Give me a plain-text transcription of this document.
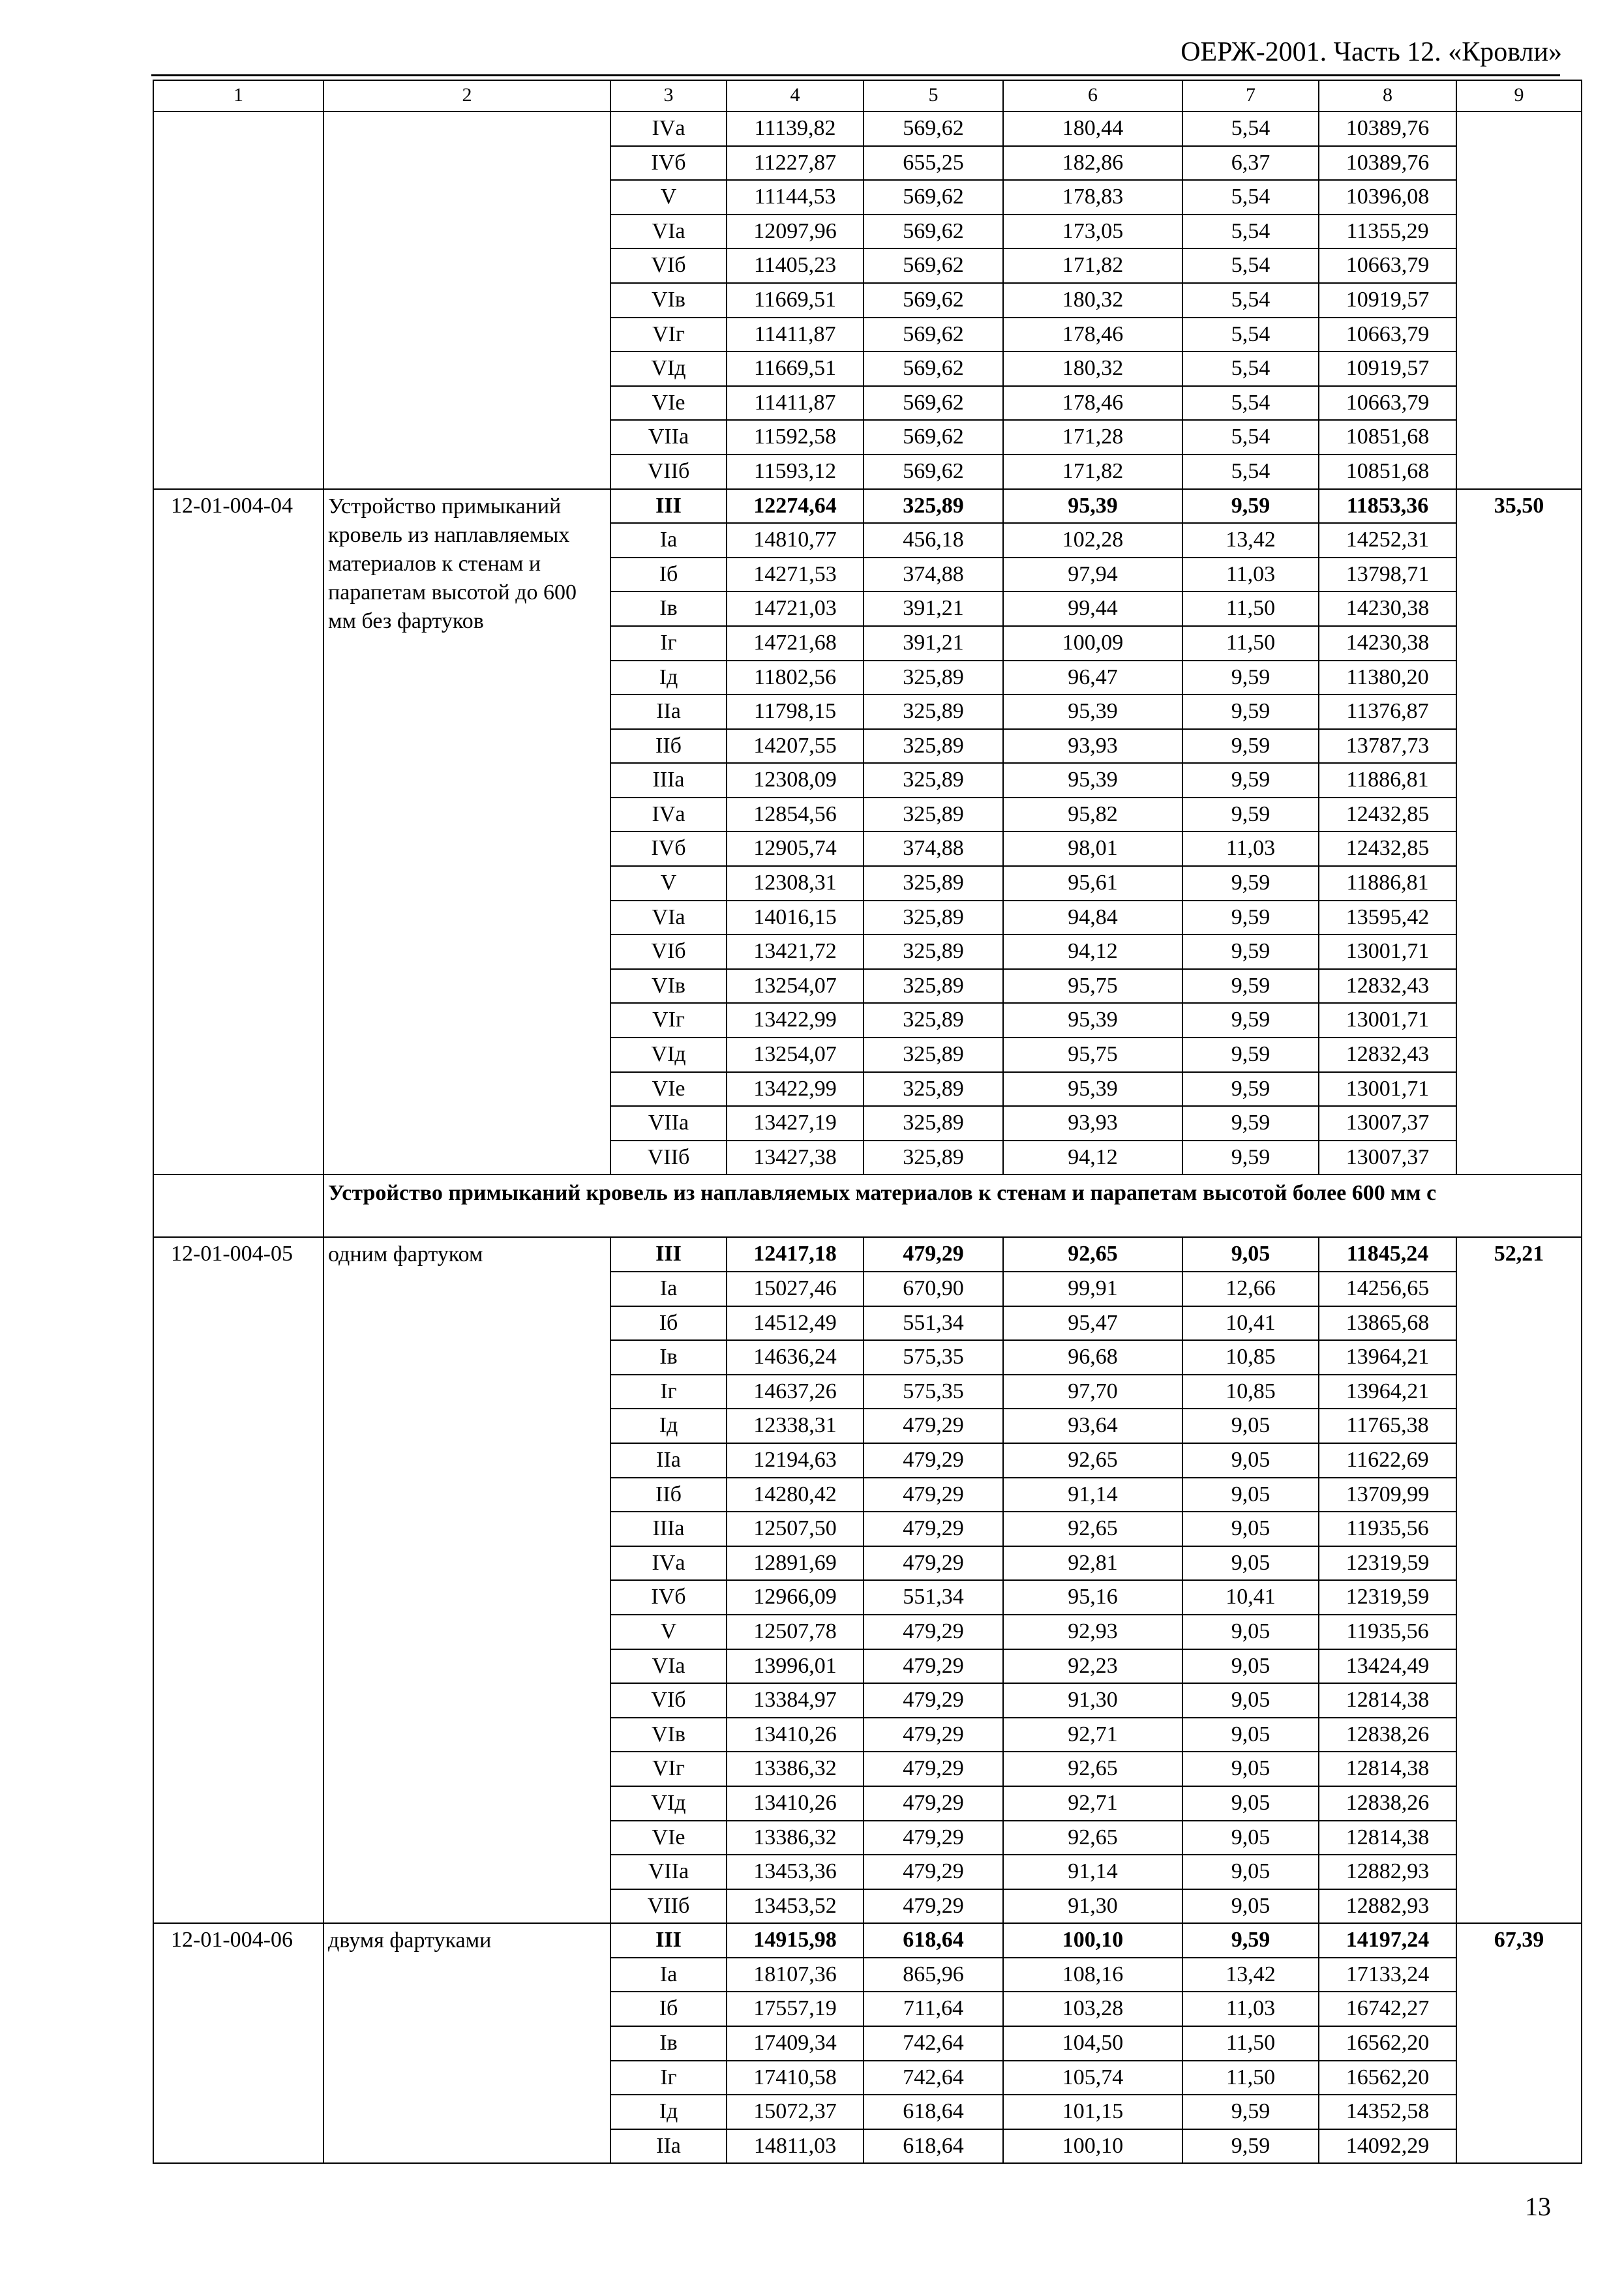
ОЕРЖ-2001. Часть 12. «Кровли»
1	2	3	4	5	6	7	8	9
		IVа	11139,82	569,62	180,44	5,54	10389,76	
		IVб	11227,87	655,25	182,86	6,37	10389,76	
		V	11144,53	569,62	178,83	5,54	10396,08	
		VIа	12097,96	569,62	173,05	5,54	11355,29	
		VIб	11405,23	569,62	171,82	5,54	10663,79	
		VIв	11669,51	569,62	180,32	5,54	10919,57	
		VIг	11411,87	569,62	178,46	5,54	10663,79	
		VIд	11669,51	569,62	180,32	5,54	10919,57	
		VIе	11411,87	569,62	178,46	5,54	10663,79	
		VIIа	11592,58	569,62	171,28	5,54	10851,68	
		VIIб	11593,12	569,62	171,82	5,54	10851,68	
12-01-004-04	Устройство примыканий кровель из наплавляемых материалов к стенам и парапетам высотой до 600 мм без фартуков	III	12274,64	325,89	95,39	9,59	11853,36	35,50
		Iа	14810,77	456,18	102,28	13,42	14252,31	
		Iб	14271,53	374,88	97,94	11,03	13798,71	
		Iв	14721,03	391,21	99,44	11,50	14230,38	
		Iг	14721,68	391,21	100,09	11,50	14230,38	
		Iд	11802,56	325,89	96,47	9,59	11380,20	
		IIа	11798,15	325,89	95,39	9,59	11376,87	
		IIб	14207,55	325,89	93,93	9,59	13787,73	
		IIIа	12308,09	325,89	95,39	9,59	11886,81	
		IVа	12854,56	325,89	95,82	9,59	12432,85	
		IVб	12905,74	374,88	98,01	11,03	12432,85	
		V	12308,31	325,89	95,61	9,59	11886,81	
		VIа	14016,15	325,89	94,84	9,59	13595,42	
		VIб	13421,72	325,89	94,12	9,59	13001,71	
		VIв	13254,07	325,89	95,75	9,59	12832,43	
		VIг	13422,99	325,89	95,39	9,59	13001,71	
		VIд	13254,07	325,89	95,75	9,59	12832,43	
		VIе	13422,99	325,89	95,39	9,59	13001,71	
		VIIа	13427,19	325,89	93,93	9,59	13007,37	
		VIIб	13427,38	325,89	94,12	9,59	13007,37	
	Устройство примыканий кровель из наплавляемых материалов к стенам и парапетам высотой более 600 мм с							
12-01-004-05	одним фартуком	III	12417,18	479,29	92,65	9,05	11845,24	52,21
		Iа	15027,46	670,90	99,91	12,66	14256,65	
		Iб	14512,49	551,34	95,47	10,41	13865,68	
		Iв	14636,24	575,35	96,68	10,85	13964,21	
		Iг	14637,26	575,35	97,70	10,85	13964,21	
		Iд	12338,31	479,29	93,64	9,05	11765,38	
		IIа	12194,63	479,29	92,65	9,05	11622,69	
		IIб	14280,42	479,29	91,14	9,05	13709,99	
		IIIа	12507,50	479,29	92,65	9,05	11935,56	
		IVа	12891,69	479,29	92,81	9,05	12319,59	
		IVб	12966,09	551,34	95,16	10,41	12319,59	
		V	12507,78	479,29	92,93	9,05	11935,56	
		VIа	13996,01	479,29	92,23	9,05	13424,49	
		VIб	13384,97	479,29	91,30	9,05	12814,38	
		VIв	13410,26	479,29	92,71	9,05	12838,26	
		VIг	13386,32	479,29	92,65	9,05	12814,38	
		VIд	13410,26	479,29	92,71	9,05	12838,26	
		VIе	13386,32	479,29	92,65	9,05	12814,38	
		VIIа	13453,36	479,29	91,14	9,05	12882,93	
		VIIб	13453,52	479,29	91,30	9,05	12882,93	
12-01-004-06	двумя фартуками	III	14915,98	618,64	100,10	9,59	14197,24	67,39
		Iа	18107,36	865,96	108,16	13,42	17133,24	
		Iб	17557,19	711,64	103,28	11,03	16742,27	
		Iв	17409,34	742,64	104,50	11,50	16562,20	
		Iг	17410,58	742,64	105,74	11,50	16562,20	
		Iд	15072,37	618,64	101,15	9,59	14352,58	
		IIа	14811,03	618,64	100,10	9,59	14092,29	
13
